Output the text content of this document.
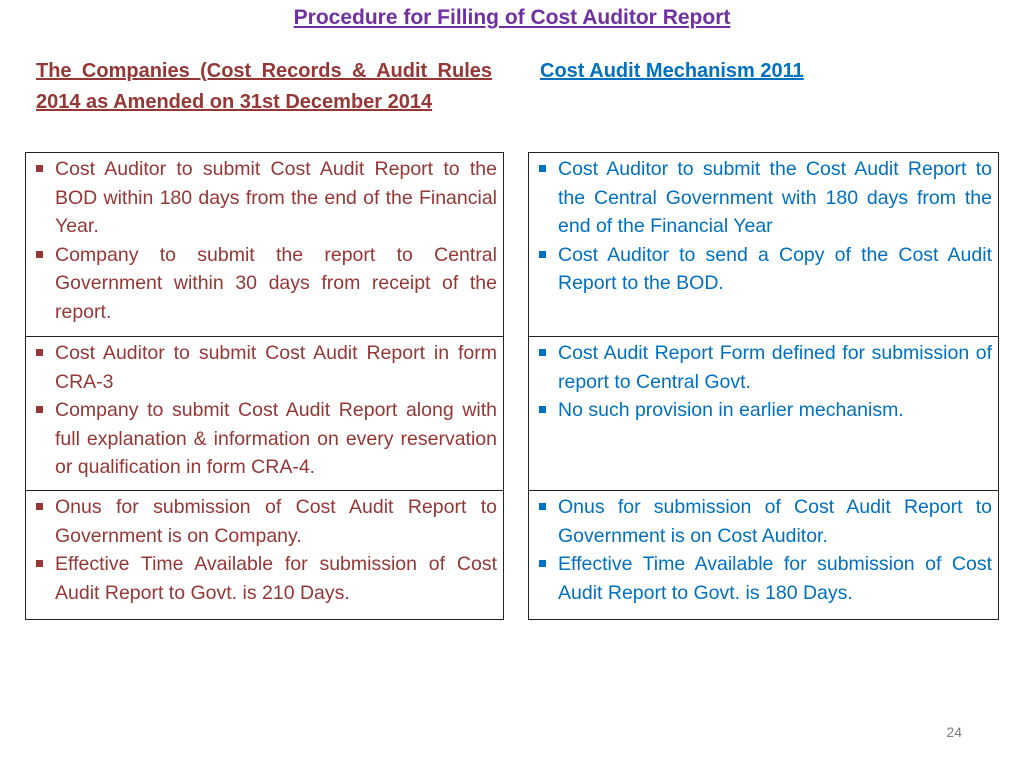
Procedure for Filling of Cost Auditor Report
The Companies (Cost Records & Audit Rules 2014 as Amended on 31st December 2014
Cost Audit Mechanism 2011
Cost Auditor to submit Cost Audit Report to the BOD within 180 days from the end of the Financial Year.
Company to submit the report to Central Government within 30 days from receipt of the report.
Cost Auditor to submit the Cost Audit Report to the Central Government with 180 days from the end of the Financial Year
Cost Auditor to send a Copy of the Cost Audit Report to the BOD.
Cost Auditor to submit Cost Audit Report in form CRA-3
Company to submit Cost Audit Report along with full explanation & information on every reservation or qualification in form CRA-4.
Cost Audit Report Form defined for submission of report to Central Govt.
No such provision in earlier mechanism.
Onus for submission of Cost Audit Report to Government is on Company.
Effective Time Available for submission of Cost Audit Report to Govt. is 210 Days.
Onus for submission of Cost Audit Report to Government is on Cost Auditor.
Effective Time Available for submission of Cost Audit Report to Govt. is 180 Days.
24
